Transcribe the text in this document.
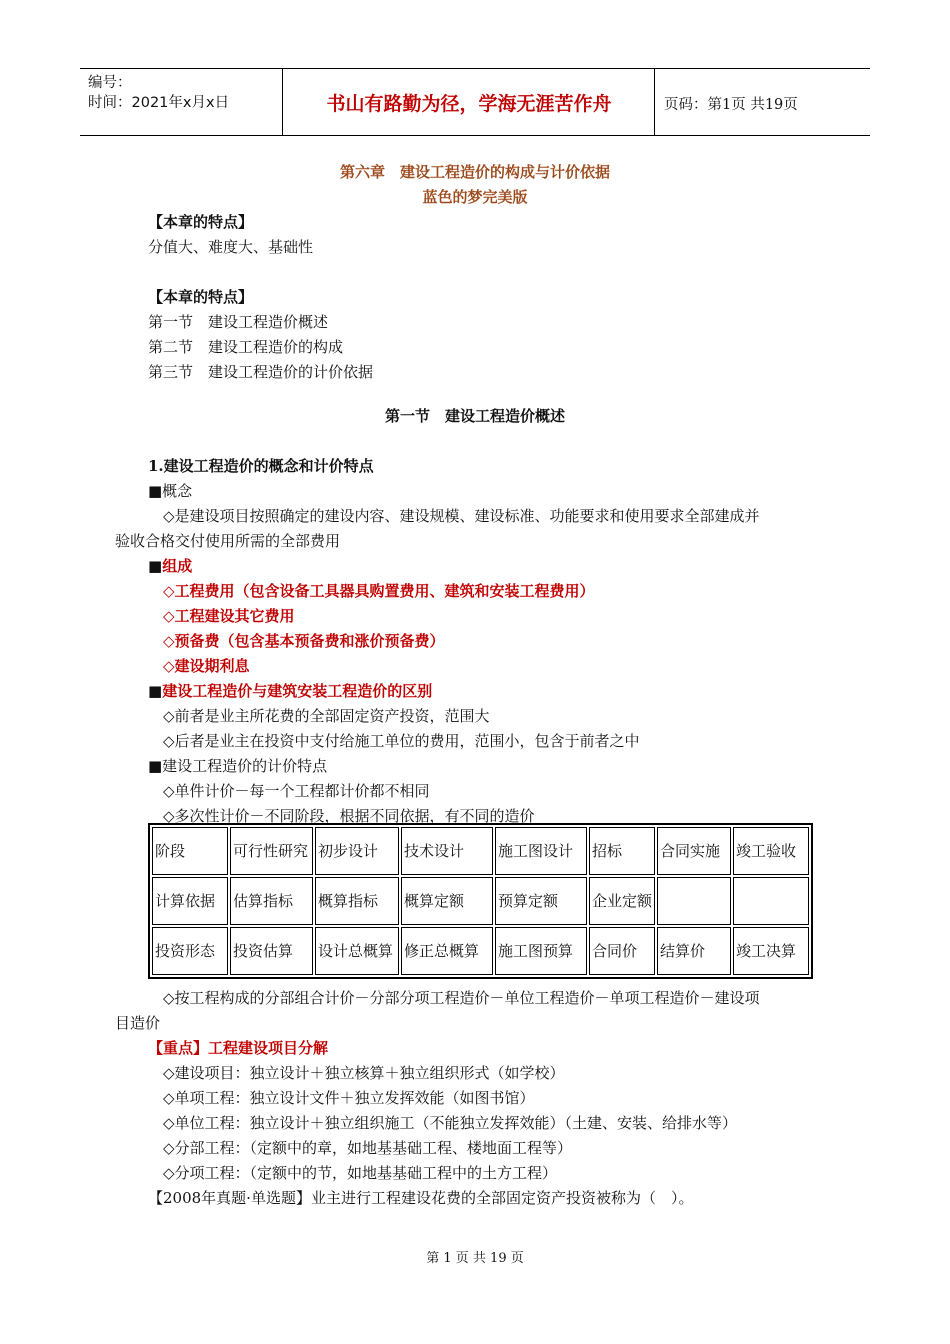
编号：
时间：2021年x月x日	书山有路勤为径，学海无涯苦作舟	页码：第1页 共19页
第六章　建设工程造价的构成与计价依据
蓝色的梦完美版
【本章的特点】
分值大、难度大、基础性
【本章的特点】
第一节　建设工程造价概述
第二节　建设工程造价的构成
第三节　建设工程造价的计价依据
第一节　建设工程造价概述
1.建设工程造价的概念和计价特点
■概念
◇是建设项目按照确定的建设内容、建设规模、建设标准、功能要求和使用要求全部建成并
验收合格交付使用所需的全部费用
■组成
◇工程费用（包含设备工具器具购置费用、建筑和安装工程费用）
◇工程建设其它费用
◇预备费（包含基本预备费和涨价预备费）
◇建设期利息
■建设工程造价与建筑安装工程造价的区别
◇前者是业主所花费的全部固定资产投资，范围大
◇后者是业主在投资中支付给施工单位的费用，范围小，包含于前者之中
■建设工程造价的计价特点
◇单件计价－每一个工程都计价都不相同
◇多次性计价－不同阶段，根据不同依据，有不同的造价
阶段	可行性研究	初步设计	技术设计	施工图设计	招标	合同实施	竣工验收
计算依据	估算指标	概算指标	概算定额	预算定额	企业定额		
投资形态	投资估算	设计总概算	修正总概算	施工图预算	合同价	结算价	竣工决算
◇按工程构成的分部组合计价－分部分项工程造价－单位工程造价－单项工程造价－建设项
目造价
【重点】工程建设项目分解
◇建设项目：独立设计＋独立核算＋独立组织形式（如学校）
◇单项工程：独立设计文件＋独立发挥效能（如图书馆）
◇单位工程：独立设计＋独立组织施工（不能独立发挥效能）（土建、安装、给排水等）
◇分部工程：（定额中的章，如地基基础工程、楼地面工程等）
◇分项工程：（定额中的节，如地基基础工程中的土方工程）
【2008年真题·单选题】业主进行工程建设花费的全部固定资产投资被称为（　）。
第 1 页 共 19 页
